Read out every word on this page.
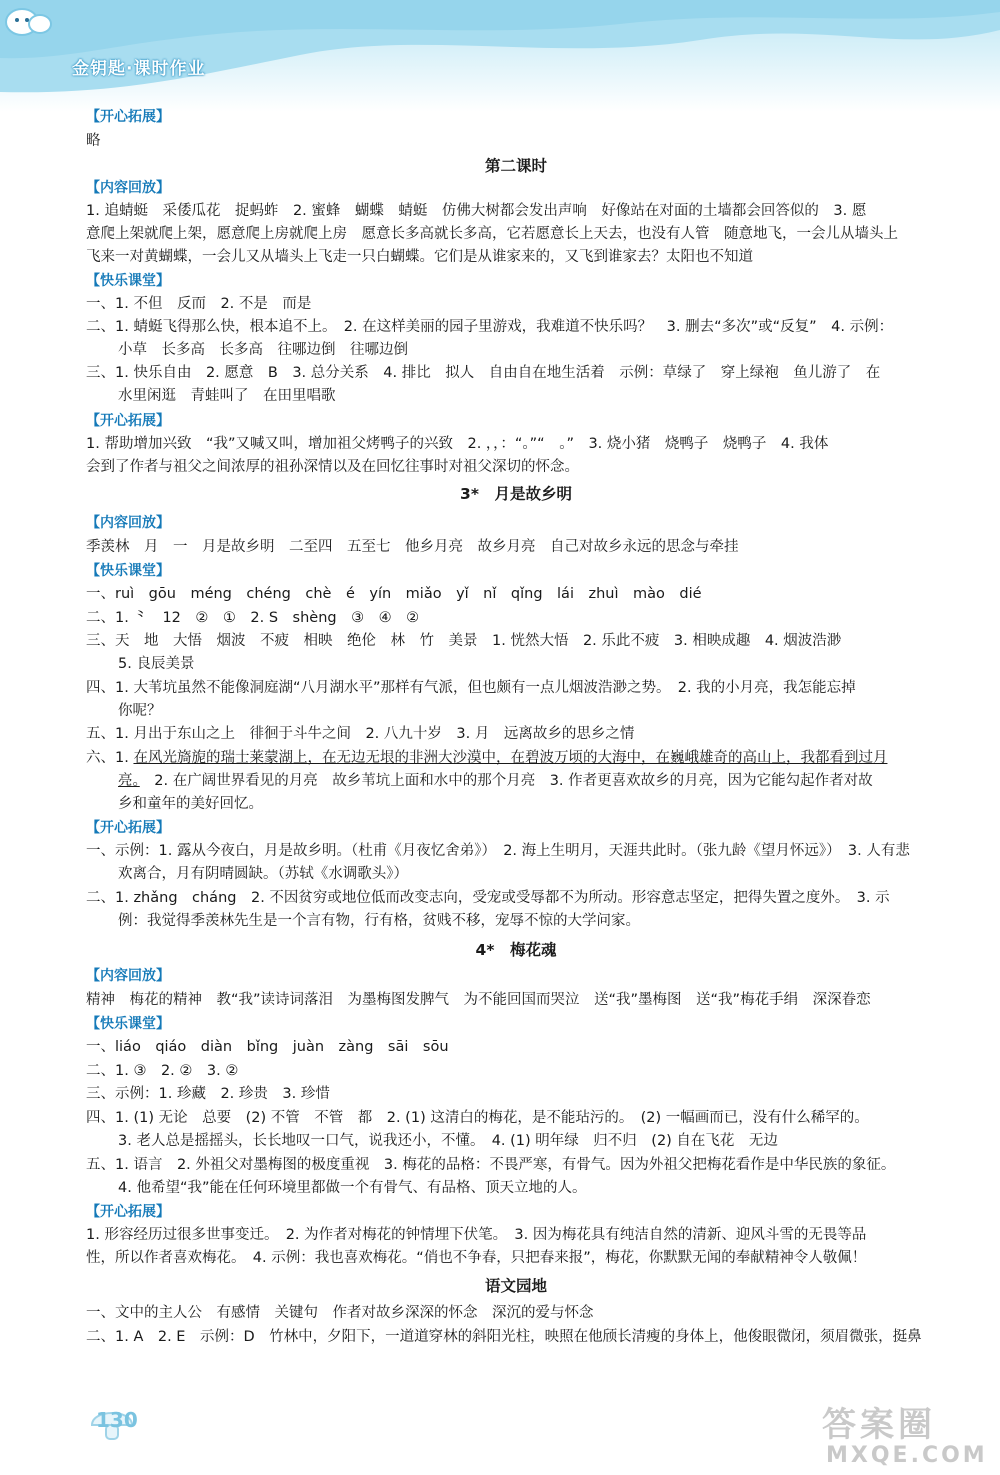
金钥匙·课时作业
【开心拓展】
略
第二课时
【内容回放】
1. 追蜻蜓　采倭瓜花　捉蚂蚱　2. 蜜蜂　蝴蝶　蜻蜓　仿佛大树都会发出声响　好像站在对面的土墙都会回答似的　3. 愿
意爬上架就爬上架，愿意爬上房就爬上房　愿意长多高就长多高，它若愿意长上天去，也没有人管　随意地飞，一会儿从墙头上
飞来一对黄蝴蝶，一会儿又从墙头上飞走一只白蝴蝶。它们是从谁家来的，又飞到谁家去？太阳也不知道
【快乐课堂】
一、1. 不但　反而　2. 不是　而是
二、1. 蜻蜓飞得那么快，根本追不上。　2. 在这样美丽的园子里游戏，我难道不快乐吗？　3. 删去“多次”或“反复”　4. 示例：
小草　长多高　长多高　往哪边倒　往哪边倒
三、1. 快乐自由　2. 愿意　B　3. 总分关系　4. 排比　拟人　自由自在地生活着　示例：草绿了　穿上绿袍　鱼儿游了　在
水里闲逛　青蛙叫了　在田里唱歌
【开心拓展】
1. 帮助增加兴致　“我”又喊又叫，增加祖父烤鸭子的兴致　2. ，，：“。”“　。”　3. 烧小猪　烧鸭子　烧鸭子　4. 我体
会到了作者与祖父之间浓厚的祖孙深情以及在回忆往事时对祖父深切的怀念。
3*　月是故乡明
【内容回放】
季羡林　月　一　月是故乡明　二至四　五至七　他乡月亮　故乡月亮　自己对故乡永远的思念与牵挂
【快乐课堂】
一、ruì　gōu　méng　chéng　chè　é　yín　miǎo　yǐ　nǐ　qǐng　lái　zhuì　mào　dié
二、1. ⺀　12　②　①　2. S　shèng　③　④　②
三、天　地　大悟　烟波　不疲　相映　绝伦　林　竹　美景　1. 恍然大悟　2. 乐此不疲　3. 相映成趣　4. 烟波浩渺
5. 良辰美景
四、1. 大苇坑虽然不能像洞庭湖“八月湖水平”那样有气派，但也颇有一点儿烟波浩渺之势。　2. 我的小月亮，我怎能忘掉
你呢？
五、1. 月出于东山之上　徘徊于斗牛之间　2. 八九十岁　3. 月　远离故乡的思乡之情
六、1. 在风光旖旎的瑞士莱蒙湖上，在无边无垠的非洲大沙漠中，在碧波万顷的大海中，在巍峨雄奇的高山上，我都看到过月
亮。　2. 在广阔世界看见的月亮　故乡苇坑上面和水中的那个月亮　3. 作者更喜欢故乡的月亮，因为它能勾起作者对故
乡和童年的美好回忆。
【开心拓展】
一、示例：1. 露从今夜白，月是故乡明。（杜甫《月夜忆舍弟》）　2. 海上生明月，天涯共此时。（张九龄《望月怀远》）　3. 人有悲
欢离合，月有阴晴圆缺。（苏轼《水调歌头》）
二、1. zhǎng　cháng　2. 不因贫穷或地位低而改变志向，受宠或受辱都不为所动。形容意志坚定，把得失置之度外。　3. 示
例：我觉得季羡林先生是一个言有物，行有格，贫贱不移，宠辱不惊的大学问家。
4*　梅花魂
【内容回放】
精神　梅花的精神　教“我”读诗词落泪　为墨梅图发脾气　为不能回国而哭泣　送“我”墨梅图　送“我”梅花手绢　深深眷恋
【快乐课堂】
一、liáo　qiáo　diàn　bǐng　juàn　zàng　sāi　sōu
二、1. ③　2. ②　3. ②
三、示例：1. 珍藏　2. 珍贵　3. 珍惜
四、1. (1) 无论　总要　(2) 不管　不管　都　2. (1) 这清白的梅花，是不能玷污的。　(2) 一幅画而已，没有什么稀罕的。
3. 老人总是摇摇头，长长地叹一口气，说我还小，不懂。　4. (1) 明年绿　归不归　(2) 自在飞花　无边
五、1. 语言　2. 外祖父对墨梅图的极度重视　3. 梅花的品格：不畏严寒，有骨气。因为外祖父把梅花看作是中华民族的象征。
4. 他希望“我”能在任何环境里都做一个有骨气、有品格、顶天立地的人。
【开心拓展】
1. 形容经历过很多世事变迁。　2. 为作者对梅花的钟情埋下伏笔。　3. 因为梅花具有纯洁自然的清新、迎风斗雪的无畏等品
性，所以作者喜欢梅花。　4. 示例：我也喜欢梅花。“俏也不争春，只把春来报”，梅花，你默默无闻的奉献精神令人敬佩！
语文园地
一、文中的主人公　有感情　关键句　作者对故乡深深的怀念　深沉的爱与怀念
二、1. A　2. E　示例：D　竹林中，夕阳下，一道道穿林的斜阳光柱，映照在他颀长清瘦的身体上，他俊眼微闭，须眉微张，挺鼻
130	答案圈
MXQE.COM
